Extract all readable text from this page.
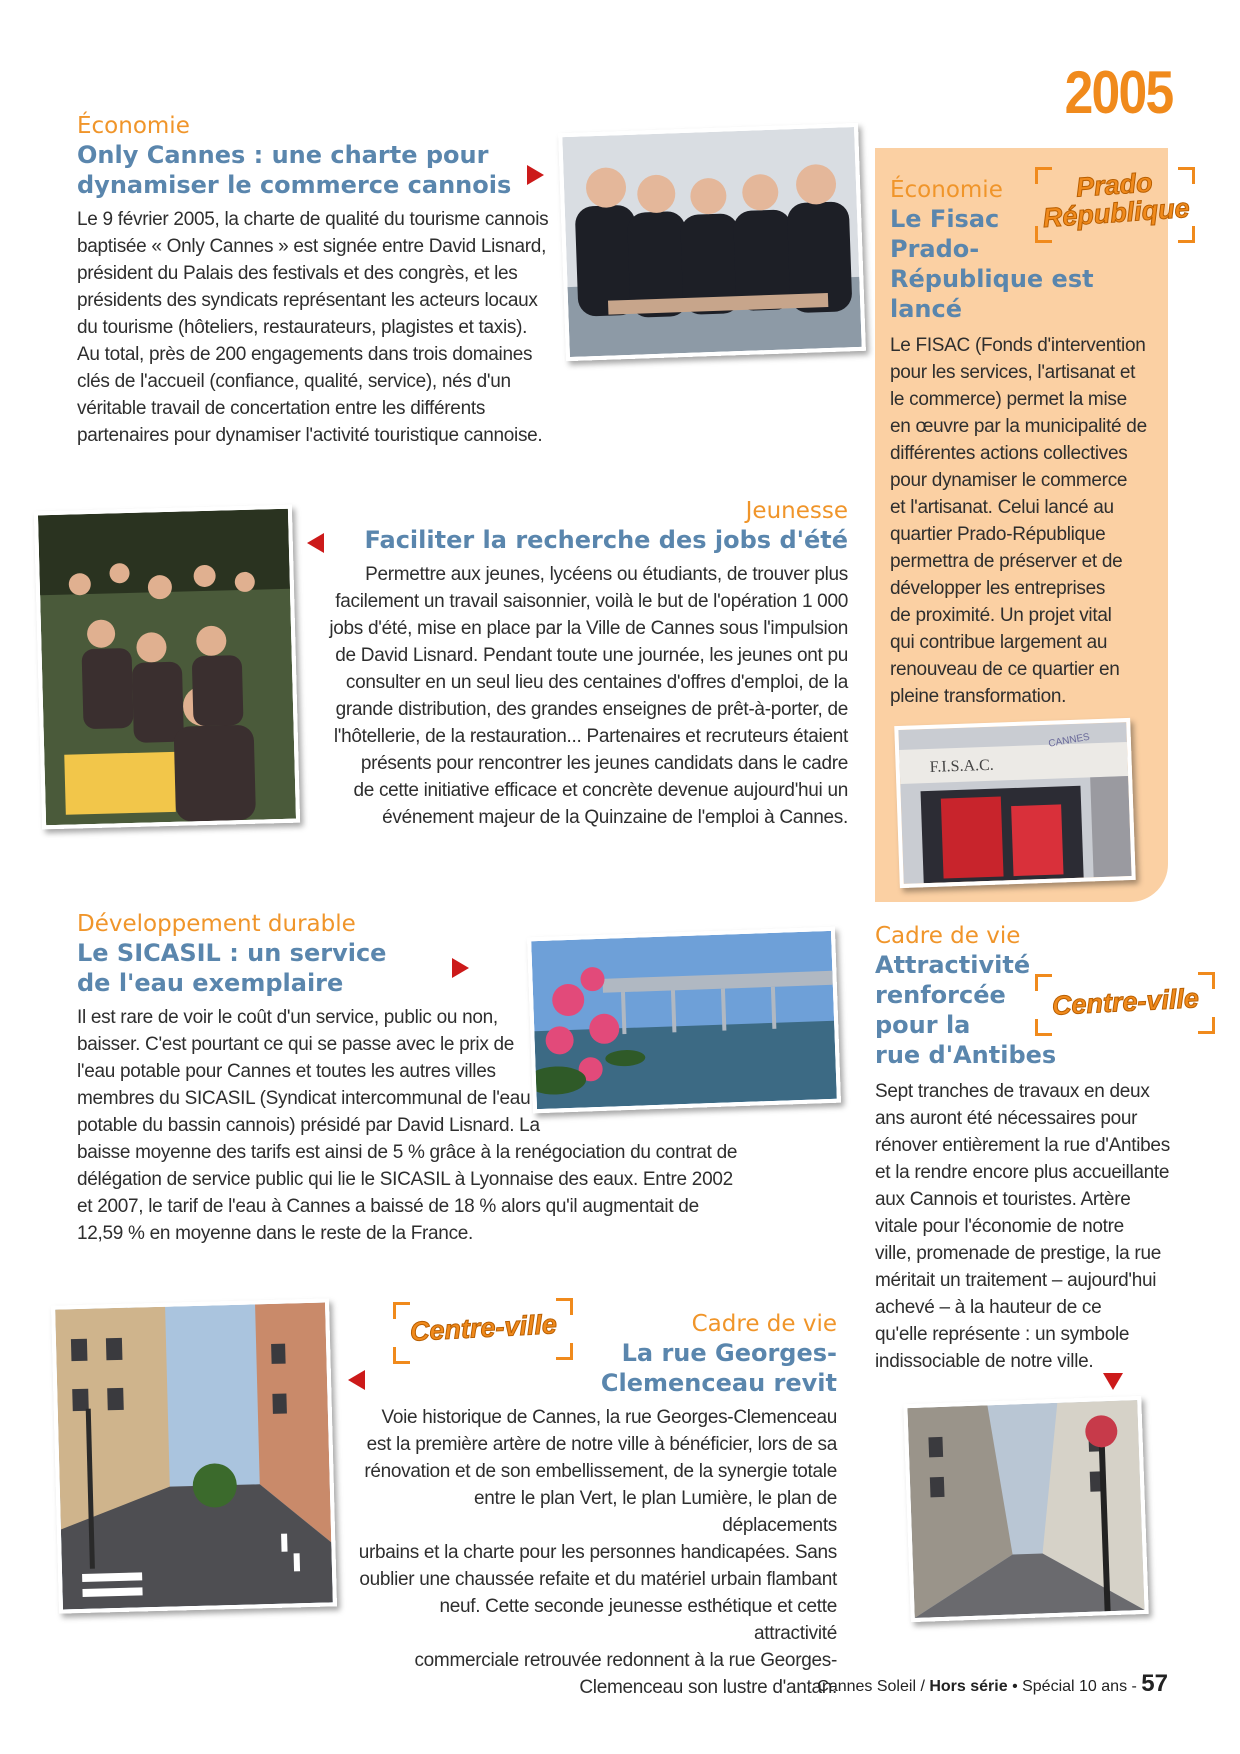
2005
Économie
Only Cannes : une charte pour
dynamiser le commerce cannois

Le 9 février 2005, la charte de qualité du tourisme cannois

baptisée « Only Cannes » est signée entre David Lisnard,

président du Palais des festivals et des congrès, et les

présidents des syndicats représentant les acteurs locaux

du tourisme (hôteliers, restaurateurs, plagistes et taxis).

Au total, près de 200 engagements dans trois domaines

clés de l'accueil (confiance, qualité, service), nés d'un

véritable travail de concertation entre les différents

partenaires pour dynamiser l'activité touristique cannoise.

Jeunesse
Faciliter la recherche des jobs d'été

Permettre aux jeunes, lycéens ou étudiants, de trouver plus

facilement un travail saisonnier, voilà le but de l'opération 1 000

jobs d'été, mise en place par la Ville de Cannes sous l'impulsion

de David Lisnard. Pendant toute une journée, les jeunes ont pu

consulter en un seul lieu des centaines d'offres d'emploi, de la

grande distribution, des grandes enseignes de prêt-à-porter, de

l'hôtellerie, de la restauration... Partenaires et recruteurs étaient

présents pour rencontrer les jeunes candidats dans le cadre

de cette initiative efficace et concrète devenue aujourd'hui un

événement majeur de la Quinzaine de l'emploi à Cannes.

Prado
République
Économie
Le Fisac
Prado-
République est
lancé

Le FISAC (Fonds d'intervention

pour les services, l'artisanat et

le commerce) permet la mise

en œuvre par la municipalité de

différentes actions collectives

pour dynamiser le commerce

et l'artisanat. Celui lancé au

quartier Prado-République

permettra de préserver et de

développer les entreprises

de proximité. Un projet vital

qui contribue largement au

renouveau de ce quartier en

pleine transformation.

F.I.S.A.C.
CANNES
Développement durable
Le SICASIL : un service
de l'eau exemplaire

Il est rare de voir le coût d'un service, public ou non,

baisser. C'est pourtant ce qui se passe avec le prix de

l'eau potable pour Cannes et toutes les autres villes

membres du SICASIL (Syndicat intercommunal de l'eau

potable du bassin cannois) présidé par David Lisnard. La

baisse moyenne des tarifs est ainsi de 5 % grâce à la renégociation du contrat de

délégation de service public qui lie le SICASIL à Lyonnaise des eaux. Entre 2002

et 2007, le tarif de l'eau à Cannes a baissé de 18 % alors qu'il augmentait de

12,59 % en moyenne dans le reste de la France.

Centre-ville
Cadre de vie
Attractivité
renforcée
pour la
rue d'Antibes

Sept tranches de travaux en deux

ans auront été nécessaires pour

rénover entièrement la rue d'Antibes

et la rendre encore plus accueillante

aux Cannois et touristes. Artère

vitale pour l'économie de notre

ville, promenade de prestige, la rue

méritait un traitement – aujourd'hui

achevé – à la hauteur de ce

qu'elle représente : un symbole

indissociable de notre ville.

Centre-ville	Cadre de vie
La rue Georges-
Clemenceau revit

Voie historique de Cannes, la rue Georges-Clemenceau

est la première artère de notre ville à bénéficier, lors de sa

rénovation et de son embellissement, de la synergie totale

entre le plan Vert, le plan Lumière, le plan de déplacements

urbains et la charte pour les personnes handicapées. Sans

oublier une chaussée refaite et du matériel urbain flambant

neuf. Cette seconde jeunesse esthétique et cette attractivité

commerciale retrouvée redonnent à la rue Georges-

Clemenceau son lustre d'antan.

Cannes Soleil / Hors série • Spécial 10 ans - 57
